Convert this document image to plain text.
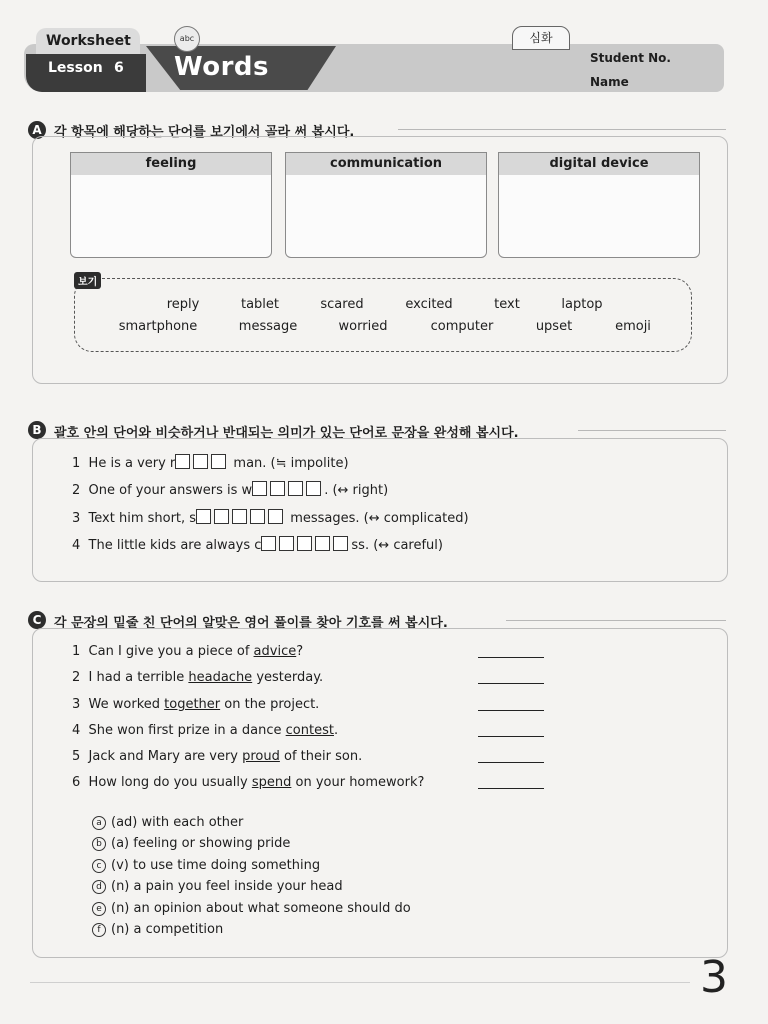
Worksheet
Lesson 6
abc
Words
심화
Student No.
Name
A 각 항목에 해당하는 단어를 보기에서 골라 써 봅시다.
feeling	communication	digital device
보기
reply	tablet	scared	excited	text	laptop
smartphone	message	worried	computer	upset	emoji
B 괄호 안의 단어와 비슷하거나 반대되는 의미가 있는 단어로 문장을 완성해 봅시다.
1 He is a very r	man. (≒ impolite)
2 One of your answers is w	. (↔ right)
3 Text him short, s	messages. (↔ complicated)
4 The little kids are always c	ss. (↔ careful)
C 각 문장의 밑줄 친 단어의 알맞은 영어 풀이를 찾아 기호를 써 봅시다.
1 Can I give you a piece of advice?
2 I had a terrible headache yesterday.
3 We worked together on the project.
4 She won first prize in a dance contest.
5 Jack and Mary are very proud of their son.
6 How long do you usually spend on your homework?
a (ad) with each other
b (a) feeling or showing pride
c (v) to use time doing something
d (n) a pain you feel inside your head
e (n) an opinion about what someone should do
f (n) a competition
3
